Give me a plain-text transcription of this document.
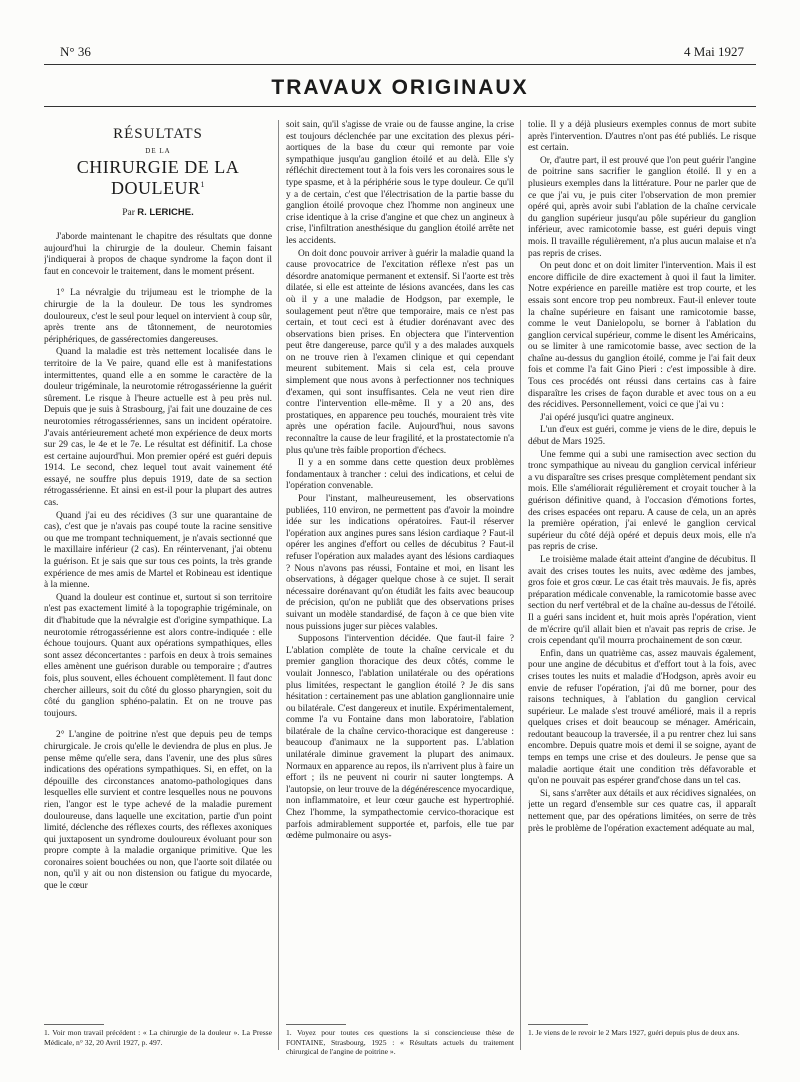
N° 36	4 Mai 1927
TRAVAUX ORIGINAUX
RÉSULTATS
DE LA
CHIRURGIE DE LA DOULEUR$^1$
Par R. LERICHE.

J'aborde maintenant le chapitre des résultats que donne aujourd'hui la chirurgie de la douleur. Chemin faisant j'indiquerai à propos de chaque syndrome la façon dont il faut en concevoir le traitement, dans le moment présent.

1° La névralgie du trijumeau est le triomphe de la chirurgie de la la douleur. De tous les syndromes douloureux, c'est le seul pour lequel on intervient à coup sûr, après trente ans de tâtonnement, de neurotomies périphériques, de gassérectomies dangereuses.

Quand la maladie est très nettement localisée dans le territoire de la Ve paire, quand elle est à manifestations intermittentes, quand elle a en somme le caractère de la douleur trigéminale, la neurotomie rétrogassérienne la guérit sûrement. Le risque à l'heure actuelle est à peu près nul. Depuis que je suis à Strasbourg, j'ai fait une douzaine de ces neurotomies rétrogassériennes, sans un incident opératoire. J'avais antérieurement acheté mon expérience de deux morts sur 29 cas, le 4e et le 7e. Le résultat est définitif. La chose est certaine aujourd'hui. Mon premier opéré est guéri depuis 1914. Le second, chez lequel tout avait vainement été essayé, ne souffre plus depuis 1919, date de sa section rétrogassérienne. Et ainsi en est-il pour la plupart des autres cas.

Quand j'ai eu des récidives (3 sur une quarantaine de cas), c'est que je n'avais pas coupé toute la racine sensitive ou que me trompant techniquement, je n'avais sectionné que le maxillaire inférieur (2 cas). En réintervenant, j'ai obtenu la guérison. Et je sais que sur tous ces points, la très grande expérience de mes amis de Martel et Robineau est identique à la mienne.

Quand la douleur est continue et, surtout si son territoire n'est pas exactement limité à la topographie trigéminale, on dit d'habitude que la névralgie est d'origine sympathique. La neurotomie rétrogassérienne est alors contre-indiquée : elle échoue toujours. Quant aux opérations sympathiques, elles sont assez déconcertantes : parfois en deux à trois semaines elles amènent une guérison durable ou temporaire ; d'autres fois, plus souvent, elles échouent complètement. Il faut donc chercher ailleurs, soit du côté du glosso pharyngien, soit du côté du ganglion sphéno-palatin. Et on ne trouve pas toujours.

2° L'angine de poitrine n'est que depuis peu de temps chirurgicale. Je crois qu'elle le deviendra de plus en plus. Je pense même qu'elle sera, dans l'avenir, une des plus sûres indications des opérations sympathiques. Si, en effet, on la dépouille des circonstances anatomo-pathologiques dans lesquelles elle survient et contre lesquelles nous ne pouvons rien, l'angor est le type achevé de la maladie purement douloureuse, dans laquelle une excitation, partie d'un point limité, déclenche des réflexes courts, des réflexes axoniques qui juxtaposent un syndrome douloureux évoluant pour son propre compte à la maladie organique primitive. Que les coronaires soient bouchées ou non, que l'aorte soit dilatée ou non, qu'il y ait ou non distension ou fatigue du myocarde, que le cœur

soit sain, qu'il s'agisse de vraie ou de fausse angine, la crise est toujours déclenchée par une excitation des plexus péri-aortiques de la base du cœur qui remonte par voie sympathique jusqu'au ganglion étoilé et au delà. Elle s'y réfléchit directement tout à la fois vers les coronaires sous le type spasme, et à la périphérie sous le type douleur. Ce qu'il y a de certain, c'est que l'électrisation de la partie basse du ganglion étoilé provoque chez l'homme non angineux une crise identique à la crise d'angine et que chez un angineux à crise, l'infiltration anesthésique du ganglion étoilé arrête net les accidents.

On doit donc pouvoir arriver à guérir la maladie quand la cause provocatrice de l'excitation réflexe n'est pas un désordre anatomique permanent et extensif. Si l'aorte est très dilatée, si elle est atteinte de lésions avancées, dans les cas où il y a une maladie de Hodgson, par exemple, le soulagement peut n'être que temporaire, mais ce n'est pas certain, et tout ceci est à étudier dorénavant avec des observations bien prises. En objectera que l'intervention peut être dangereuse, parce qu'il y a des malades auxquels on ne trouve rien à l'examen clinique et qui cependant meurent subitement. Mais si cela est, cela prouve simplement que nous avons à perfectionner nos techniques d'examen, qui sont insuffisantes. Cela ne veut rien dire contre l'intervention elle-même. Il y a 20 ans, des prostatiques, en apparence peu touchés, mouraient très vite après une opération facile. Aujourd'hui, nous savons reconnaître la cause de leur fragilité, et la prostatectomie n'a plus qu'une très faible proportion d'échecs.

Il y a en somme dans cette question deux problèmes fondamentaux à trancher : celui des indications, et celui de l'opération convenable.

Pour l'instant, malheureusement, les observations publiées, 110 environ, ne permettent pas d'avoir la moindre idée sur les indications opératoires. Faut-il réserver l'opération aux angines pures sans lésion cardiaque ? Faut-il opérer les angines d'effort ou celles de décubitus ? Faut-il refuser l'opération aux malades ayant des lésions cardiaques ? Nous n'avons pas réussi, Fontaine et moi, en lisant les observations, à dégager quelque chose à ce sujet. Il serait nécessaire dorénavant qu'on étudiât les faits avec beaucoup de précision, qu'on ne publiât que des observations prises suivant un modèle standardisé, de façon à ce que bien vite nous puissions juger sur pièces valables.

Supposons l'intervention décidée. Que faut-il faire ? L'ablation complète de toute la chaîne cervicale et du premier ganglion thoracique des deux côtés, comme le voulait Jonnesco, l'ablation unilatérale ou des opérations plus limitées, respectant le ganglion étoilé ? Je dis sans hésitation : certainement pas une ablation ganglionnaire unie ou bilatérale. C'est dangereux et inutile. Expérimentalement, comme l'a vu Fontaine dans mon laboratoire, l'ablation bilatérale de la chaîne cervico-thoracique est dangereuse : beaucoup d'animaux ne la supportent pas. L'ablation unilatérale diminue gravement la plupart des animaux. Normaux en apparence au repos, ils n'arrivent plus à faire un effort ; ils ne peuvent ni courir ni sauter longtemps. A l'autopsie, on leur trouve de la dégénérescence myocardique, non inflammatoire, et leur cœur gauche est hypertrophié. Chez l'homme, la sympathectomie cervico-thoracique est parfois admirablement supportée et, parfois, elle tue par œdème pulmonaire ou asys-

tolie. Il y a déjà plusieurs exemples connus de mort subite après l'intervention. D'autres n'ont pas été publiés. Le risque est certain.

Or, d'autre part, il est prouvé que l'on peut guérir l'angine de poitrine sans sacrifier le ganglion étoilé. Il y en a plusieurs exemples dans la littérature. Pour ne parler que de ce que j'ai vu, je puis citer l'observation de mon premier opéré qui, après avoir subi l'ablation de la chaîne cervicale du ganglion supérieur jusqu'au pôle supérieur du ganglion inférieur, avec ramicotomie basse, est guéri depuis vingt mois. Il travaille régulièrement, n'a plus aucun malaise et n'a pas repris de crises.

On peut donc et on doit limiter l'intervention. Mais il est encore difficile de dire exactement à quoi il faut la limiter. Notre expérience en pareille matière est trop courte, et les essais sont encore trop peu nombreux. Faut-il enlever toute la chaîne supérieure en faisant une ramicotomie basse, comme le veut Danielopolu, se borner à l'ablation du ganglion cervical supérieur, comme le disent les Américains, ou se limiter à une ramicotomie basse, avec section de la chaîne au-dessus du ganglion étoilé, comme je l'ai fait deux fois et comme l'a fait Gino Pieri : c'est impossible à dire. Tous ces procédés ont réussi dans certains cas à faire disparaître les crises de façon durable et avec tous on a eu des récidives. Personnellement, voici ce que j'ai vu :

J'ai opéré jusqu'ici quatre angineux.

L'un d'eux est guéri, comme je viens de le dire, depuis le début de Mars 1925.

Une femme qui a subi une ramisection avec section du tronc sympathique au niveau du ganglion cervical inférieur a vu disparaître ses crises presque complètement pendant six mois. Elle s'améliorait régulièrement et croyait toucher à la guérison définitive quand, à l'occasion d'émotions fortes, des crises espacées ont reparu. A cause de cela, un an après la première opération, j'ai enlevé le ganglion cervical supérieur du côté déjà opéré et depuis deux mois, elle n'a pas repris de crise.

Le troisième malade était atteint d'angine de décubitus. Il avait des crises toutes les nuits, avec œdème des jambes, gros foie et gros cœur. Le cas était très mauvais. Je fis, après préparation médicale convenable, la ramicotomie basse avec section du nerf vertébral et de la chaîne au-dessus de l'étoilé. Il a guéri sans incident et, huit mois après l'opération, vient de m'écrire qu'il allait bien et n'avait pas repris de crise. Je crois cependant qu'il mourra prochainement de son cœur.

Enfin, dans un quatrième cas, assez mauvais également, pour une angine de décubitus et d'effort tout à la fois, avec crises toutes les nuits et maladie d'Hodgson, après avoir eu envie de refuser l'opération, j'ai dû me borner, pour des raisons techniques, à l'ablation du ganglion cervical supérieur. Le malade s'est trouvé amélioré, mais il a repris quelques crises et doit beaucoup se ménager. Américain, redoutant beaucoup la traversée, il a pu rentrer chez lui sans encombre. Depuis quatre mois et demi il se soigne, ayant de temps en temps une crise et des douleurs. Je pense que sa maladie aortique était une condition très défavorable et qu'on ne pouvait pas espérer grand'chose dans un tel cas.

Si, sans s'arrêter aux détails et aux récidives signalées, on jette un regard d'ensemble sur ces quatre cas, il apparaît nettement que, par des opérations limitées, on serre de très près le problème de l'opération exactement adéquate au mal,

1. Voir mon travail précédent : « La chirurgie de la douleur ». La Presse Médicale, n° 32, 20 Avril 1927, p. 497.
1. Voyez pour toutes ces questions la si consciencieuse thèse de FONTAINE, Strasbourg, 1925 : « Résultats actuels du traitement chirurgical de l'angine de poitrine ».
1. Je viens de le revoir le 2 Mars 1927, guéri depuis plus de deux ans.
